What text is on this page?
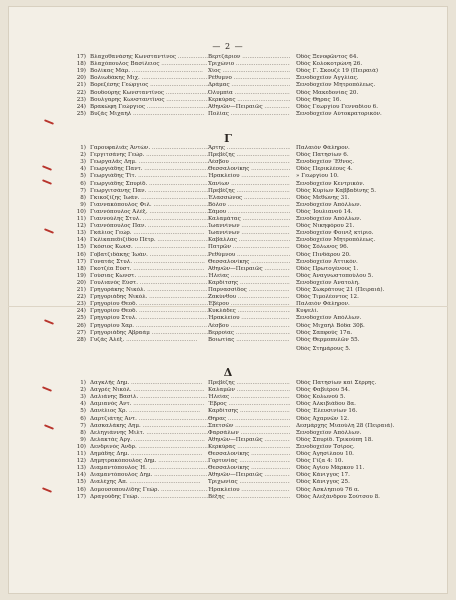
— 2 —
17) Βλαχοθανάσης Κωνσταντίνος .....	Βερτζάριον .....	Ὁδὸς Ξενοφῶντος 64.
18) Βλαχόπουλος Βασίλειος .....	Τριχώνιο .....	Ὁδὸς Κολοκοτρώνη 26.
19) Βολίκας Μάρ. .....	Χίος .....	Ὁδὸς Γ. Σκουζέ 19 (Πειραιά)
20) Βολιωδάκης Μιχ. .....	Ρέθυμνο .....	Ξενοδοχεῖον Ἀγγλίας.
21) Βορεζέσης Γεώργιος .....	Δράμας .....	Ξενοδοχεῖον Μητροπόλεως.
22) Βουδούρης Κωνσταντῖνος .....	Ὀλυμπία .....	Ὁδὸς Μακεδονίας 20.
23) Βουλγαρης Κωνσταντῖνος .....	Κερκύρας .....	Ὁδὸς Θήρας 16.
24) Βρακώφη Γεώργιος .....	Ἀθηνῶν—Πειραιῶς .....	Ὁδὸς Γεωργίου Γενναδίου 6.
25) Βυζᾶς Μιχαήλ .....	Πολίας .....	Ξενοδοχεῖον Αὐτοκρατορικόν.
Γ
1) Γαρουφαλιᾶς Ἀντών. .....	Ἄρτης .....	Παλαιὸν Φάληρον.
2) Γεργιτσάνης Γεώρ. .....	Πρεβέζης .....	Ὁδὸς Πατησίων 6.
3) Γεωργαλᾶς Δημ. .....	Λέσβου .....	Ξενοδοχεῖον Ἔθνος.
4) Γεωργιάδης Παντ. .....	Θεσσαλονίκης .....	Ὁδὸς Περικλέους 4.
5) Γεωργιάδης Τῖτ. .....	Ἡρακλείου .....	» Γεωργίου 10.
6) Γεωργιάδης Σπυρίδ. .....	Χανίων .....	Ξενοδοχεῖον Κεντρικόν.
7) Γεωργιτσάνης Παν. .....	Πρεβέζης .....	Ὁδὸς Κυρίων Καββαδίνης 5.
8) Γκικοζίζης Ἰωάν. .....	Ἐλασσώνος .....	Ὁδὸς Μεθώνης 31.
9) Γιαννακόπουλος Φιλ. .....	Βόλου .....	Ξενοδοχεῖον Ἀπόλλων.
10) Γιαννόπουλος Ἀλέξ. .....	Σάμου .....	Ὁδὸς Ἰουλιανοῦ 14.
11) Γιαννούλης Στυλ. .....	Καλαμάτας .....	Ξενοδοχεῖον Ἀπόλλων.
12) Γιαννόπουλος Παν. .....	Ἰωαννίνων .....	Ὁδὸς Νικηφόρου 21.
13) Γκάλιος Γεώρ. .....	Ἰωαννίνων .....	Ξενοδοχεῖον Φοινιξ κτίριο.
14) Γκλίκαπεδιζίδου Πέτρ. .....	Καβάλλας .....	Ξενοδοχεῖον Μητροπόλεως.
15) Γκόσιος Κωνσ. .....	Πατρῶν .....	Ὁδὸς Σόλωνος 96.
16) Γοβατζιδάκης Ἰωάν. .....	Ρεθύμνου .....	Ὁδὸς Πινδάρου 20.
17) Γονατάς Στυλ. .....	Θεσσαλονίκης .....	Ξενοδοχεῖον Ἀττικόν.
18) Γκοτζέα Εὐστ. .....	Ἀθηνῶν—Πειραιῶς .....	Ὁδὸς Πρωτογένους 1.
19) Γούσιας Κωνστ. .....	Ἠλείας .....	Ὁδὸς Ἀναγνωστοπούλου 5.
20) Γουλιανὸς Εὐστ. .....	Καρδίτσης .....	Ξενοδοχεῖον Ἀνατολή.
21) Γρηγοράκης Νικόλ. .....	Παρνασσίδος .....	Ὁδὸς Σωκράτους 21 (Πειραιά).
22) Γρηγοριάδης Νικόλ. .....	Ζακύνθου .....	Ὁδὸς Τιμολέοντος 12.
23) Γρηγορίου Θεοδ. .....	Ἐβέρου .....	Παλαιὸν Φάληρον.
24) Γρηγορίου Θεοδ. .....	Κυκλάδες .....	Κυψελί.
25) Γρηγορίου Στυλ. .....	Ἡρακλείου .....	Ξενοδοχεῖον Ἀπόλλων.
26) Γρηγορίου Χαρ. .....	Λέσβου .....	Ὁδὸς Μιχαὴλ Βόδα 30β.
27) Γρηγοριάδης Ἀβραάμ .....	Βερροίας .....	Ὁδὸς Σαπφοῦς 17α.
28) Γυζᾶς Ἀλέξ. .....	Βοιωτίας .....	Ὁδὸς Θερμοπυλῶν 55.
Ὁδὸς Στημάρους 5.
Δ
1) Δαγκλῆς Δημ. .....	Πρεβέζης .....	Ὁδὸς Πατησίων καὶ Σέρρης.
2) Δαγρὲς Νικόλ. .....	Καλαμῶν .....	Ὁδὸς Φαβιέρου 54.
3) Δαλιάνης Βασίλ. .....	Ἠλείας .....	Ὁδὸς Κολωνοῦ 5.
4) Δαμιανὸς Ἀντ. .....	Ἔβρος .....	Ὁδὸς Ἀλκιβιάδου 8α.
5) Δανέλιος Χρ. .....	Καρδίτσης .....	Ὁδὸς Ἐλευσινίων 16.
6) Δαρτζιάτης Ἀντ. .....	Θήρας .....	Ὁδὸς Ἀχαρνῶν 12.
7) Δασκαλάκης Δημ. .....	Σπετσῶν .....	Δεσμάρχης Μιαούλη 28 (Πειραιά).
8) Δεληγιάννης Μιλτ. .....	Φαρσάλων .....	Ξενοδοχεῖον Ἀπόλλων.
9) Δελακτάς Ἀργ. .....	Ἀθηνῶν—Πειραιῶς .....	Ὁδὸς Σπυρίδ. Τρικούπη 18.
10) Δενδρινὸς Ἀνδρ. .....	Κερκύρας .....	Ξενοδοχεῖον Τσίρος.
11) Δημάδης Δημ. .....	Θεσσαλονίκης .....	Ὁδὸς Ἀγησίλαου 10.
12) Δημητρακόπουλος Δημ. .....	Γορτυνίας .....	Ὁδὸς Γίζα 4: 10.
13) Διαμαντόπουλος Ἠ. .....	Θεσσαλονίκης .....	Ὁδὸς Ἀγίου Μάρκου 11.
14) Διαμαντόπουλος Δημ. .....	Ἀθηνῶν—Πειραιῶς .....	Ὁδὸς Κάνιγγος 17.
15) Διαλέχης Ἀπ. .....	Τριχωνίας .....	Ὁδὸς Κάνιγγος 25.
16) Δομουσοπουλίδης Γεώρ. .....	Ἡρακλείου .....	Ὁδὸς Ἀσκληπιοῦ 76 α.
17) Δραγούδης Γεώρ. .....	Βέξης .....	Ὁδὸς Ἀλεξάνδρου Σούτσου 8.
